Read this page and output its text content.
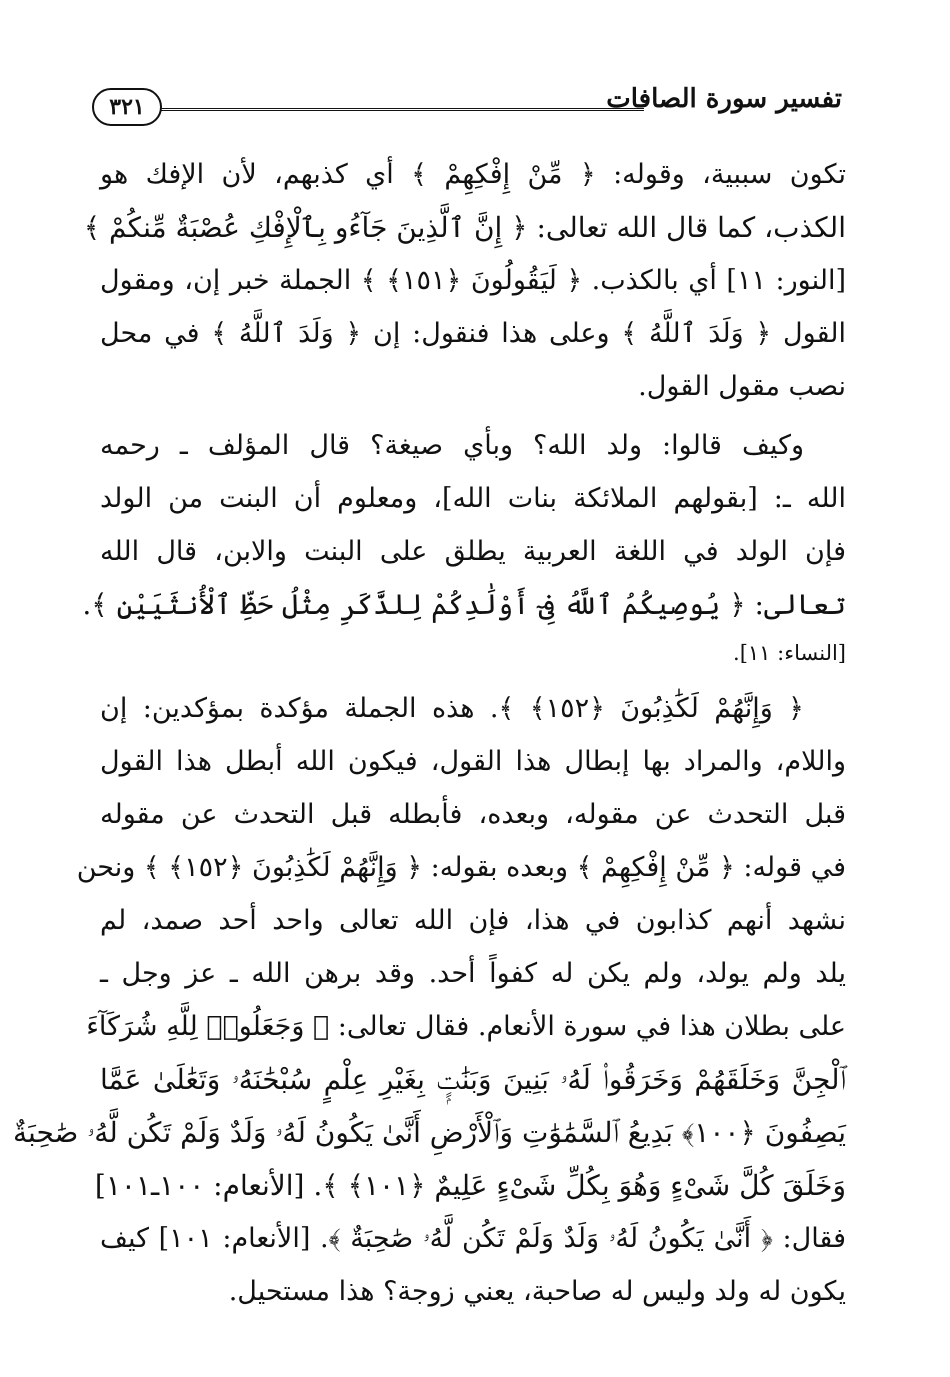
تفسير سورة الصافات
٣٢١
تكون سببية، وقوله: ﴿ مِّنْ إِفْكِهِمْ ﴾ أي كذبهم، لأن الإفك هو
الكذب، كما قال الله تعالى: ﴿ إِنَّ ٱلَّذِينَ جَآءُو بِٱلْإِفْكِ عُصْبَةٌ مِّنكُمْ ﴾
[النور: ١١] أي بالكذب. ﴿ لَيَقُولُونَ ﴿١٥١﴾ ﴾ الجملة خبر إن، ومقول
القول ﴿ وَلَدَ ٱللَّهُ ﴾ وعلى هذا فنقول: إن ﴿ وَلَدَ ٱللَّهُ ﴾ في محل
نصب مقول القول.
وكيف قالوا: ولد الله؟ وبأي صيغة؟ قال المؤلف ـ رحمه
الله ـ: [بقولهم الملائكة بنات الله]، ومعلوم أن البنت من الولد
فإن الولد في اللغة العربية يطلق على البنت والابن، قال الله
تعالى: ﴿ يُوصِيكُمُ ٱللَّهُ فِىٓ أَوْلَٰدِكُمْ لِلذَّكَرِ مِثْلُ حَظِّ ٱلْأُنثَيَيْنِ ﴾.
[النساء: ١١].
﴿ وَإِنَّهُمْ لَكَٰذِبُونَ ﴿١٥٢﴾ ﴾. هذه الجملة مؤكدة بمؤكدين: إن
واللام، والمراد بها إبطال هذا القول، فيكون الله أبطل هذا القول
قبل التحدث عن مقوله، وبعده، فأبطله قبل التحدث عن مقوله
في قوله: ﴿ مِّنْ إِفْكِهِمْ ﴾ وبعده بقوله: ﴿ وَإِنَّهُمْ لَكَٰذِبُونَ ﴿١٥٢﴾ ﴾ ونحن
نشهد أنهم كذابون في هذا، فإن الله تعالى واحد أحد صمد، لم
يلد ولم يولد، ولم يكن له كفواً أحد. وقد برهن الله ـ عز وجل ـ
على بطلان هذا في سورة الأنعام. فقال تعالى: ﴿ وَجَعَلُوا۟ لِلَّهِ شُرَكَآءَ
ٱلْجِنَّ وَخَلَقَهُمْ وَخَرَقُوا۟ لَهُۥ بَنِينَ وَبَنَٰتٍۭ بِغَيْرِ عِلْمٍ سُبْحَٰنَهُۥ وَتَعَٰلَىٰ عَمَّا
يَصِفُونَ ﴿١٠٠﴾ بَدِيعُ ٱلسَّمَٰوَٰتِ وَٱلْأَرْضِ أَنَّىٰ يَكُونُ لَهُۥ وَلَدٌ وَلَمْ تَكُن لَّهُۥ صَٰحِبَةٌ
وَخَلَقَ كُلَّ شَىْءٍ وَهُوَ بِكُلِّ شَىْءٍ عَلِيمٌ ﴿١٠١﴾ ﴾. [الأنعام: ١٠٠ـ١٠١]
فقال: ﴿ أَنَّىٰ يَكُونُ لَهُۥ وَلَدٌ وَلَمْ تَكُن لَّهُۥ صَٰحِبَةٌ ﴾. [الأنعام: ١٠١] كيف
يكون له ولد وليس له صاحبة، يعني زوجة؟ هذا مستحيل.
